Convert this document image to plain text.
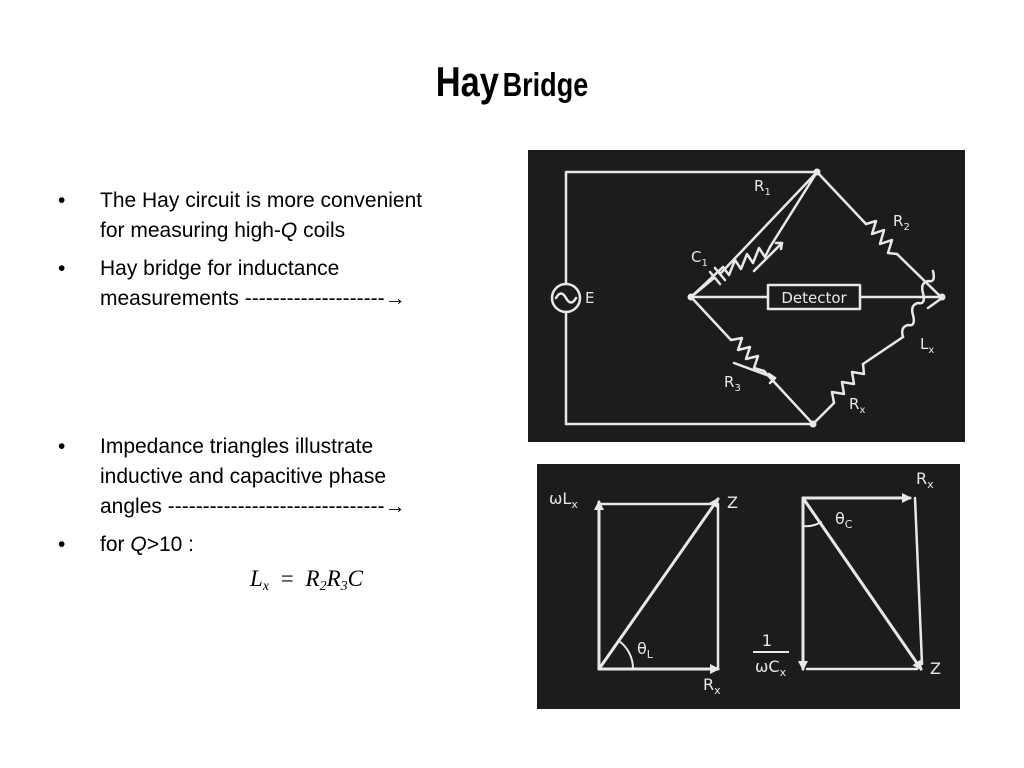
Hay Bridge
• The Hay circuit is more convenient
for measuring high-Q coils
• Hay bridge for inductance
measurements --------------------→
• Impedance triangles illustrate
inductive and capacitive phase
angles -------------------------------→
• for Q>10 :
$L_x = R_2R_3C$
E
$R_1$
$R_2$
$C_1$
$R_3$
$R_x$
$L_x$
Detector
$\omega L_x$	Z
$R_x$
$\theta_L$
$R_x$
$\theta_C$
1
$\omega C_x$	Z
